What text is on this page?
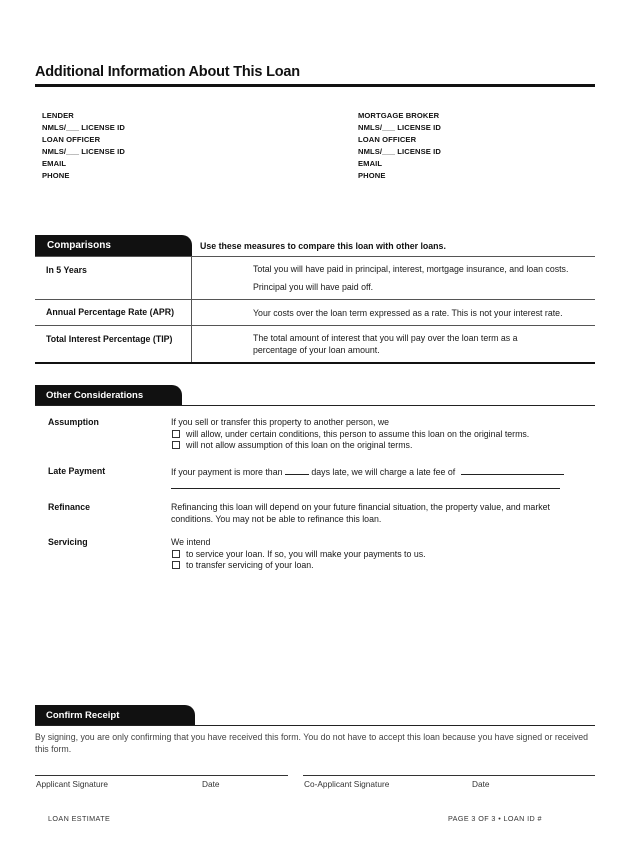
Additional Information About This Loan
LENDER
NMLS/___ LICENSE ID
LOAN OFFICER
NMLS/___ LICENSE ID
EMAIL
PHONE
MORTGAGE BROKER
NMLS/___ LICENSE ID
LOAN OFFICER
NMLS/___ LICENSE ID
EMAIL
PHONE
Comparisons	Use these measures to compare this loan with other loans.
In 5 Years	Total you will have paid in principal, interest, mortgage insurance, and loan costs.
Principal you will have paid off.
Annual Percentage Rate (APR)	Your costs over the loan term expressed as a rate. This is not your interest rate.
Total Interest Percentage (TIP)	The total amount of interest that you will pay over the loan term as a percentage of your loan amount.
Other Considerations
Assumption	If you sell or transfer this property to another person, we
will allow, under certain conditions, this person to assume this loan on the original terms.
will not allow assumption of this loan on the original terms.
Late Payment	If your payment is more than	days late, we will charge a late fee of
Refinance	Refinancing this loan will depend on your future financial situation, the property value, and market conditions. You may not be able to refinance this loan.
Servicing	We intend
to service your loan. If so, you will make your payments to us.
to transfer servicing of your loan.
Confirm Receipt
By signing, you are only confirming that you have received this form. You do not have to accept this loan because you have signed or received this form.
Applicant Signature	Date	Co-Applicant Signature	Date
LOAN ESTIMATE	PAGE 3 OF 3 • LOAN ID #
